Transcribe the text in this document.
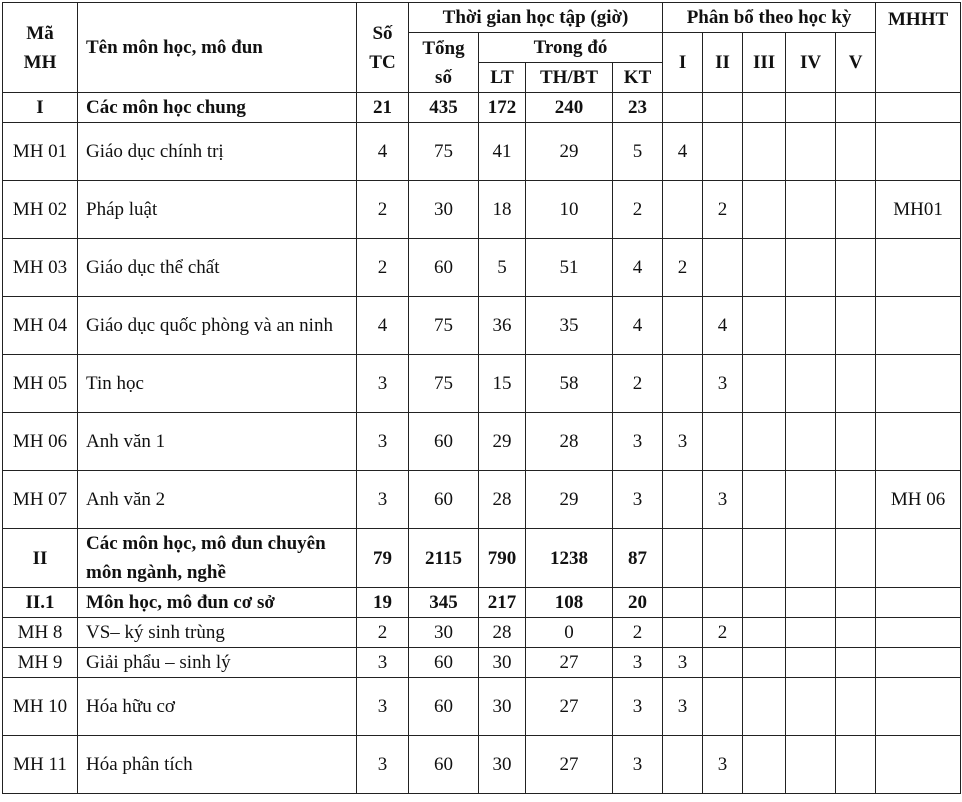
Mã MH	Tên môn học, mô đun	Số TC	Thời gian học tập (giờ)				Phân bổ theo học kỳ					MHHT
			Tổng số	Trong đó			I	II	III	IV	V	
				LT	TH/BT	KT						
I	Các môn học chung	21	435	172	240	23						
MH 01	Giáo dục chính trị	4	75	41	29	5	4					
MH 02	Pháp luật	2	30	18	10	2		2				MH01
MH 03	Giáo dục thể chất	2	60	5	51	4	2					
MH 04	Giáo dục quốc phòng và an ninh	4	75	36	35	4		4				
MH 05	Tin học	3	75	15	58	2		3				
MH 06	Anh văn 1	3	60	29	28	3	3					
MH 07	Anh văn 2	3	60	28	29	3		3				MH 06
II	Các môn học, mô đun chuyên môn ngành, nghề	79	2115	790	1238	87						
II.1	Môn học, mô đun cơ sở	19	345	217	108	20						
MH 8	VS– ký sinh trùng	2	30	28	0	2		2				
MH 9	Giải phẩu – sinh lý	3	60	30	27	3	3					
MH 10	Hóa hữu cơ	3	60	30	27	3	3					
MH 11	Hóa phân tích	3	60	30	27	3		3				
